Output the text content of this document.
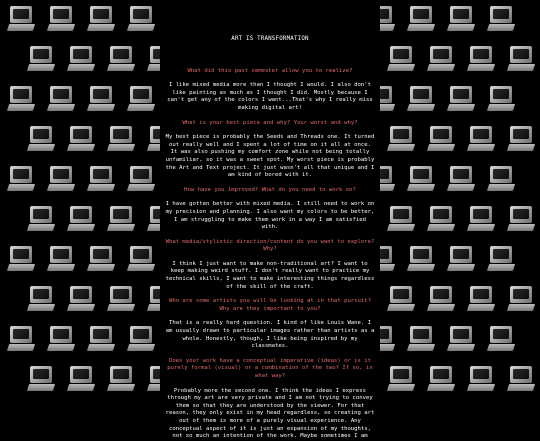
ART IS TRANSFORMATION
What did this past semester allow you to realize?
I like mixed media more than I thought I would. I also don't like painting as much as I thought I did. Mostly because I can't get any of the colors I want...That's why I really miss making digital art!
What is your best piece and why? Your worst and why?
My best piece is probably the Seeds and Threads one. It turned out really well and I spent a lot of time on it all at once. It was also pushing my comfort zone while not being totally unfamiliar, so it was a sweet spot. My worst piece is probably the Art and Text project. It just wasn't all that unique and I am kind of bored with it.
How have you improved? What do you need to work on?
I have gotten better with mixed media. I still need to work on my precision and planning. I also want my colors to be better, I am struggling to make them work in a way I am satisfied with.
What media/stylistic direction/content do you want to explore? Why?
I think I just want to make non-traditional art? I want to keep making weird stuff. I don't really want to practice my technical skills, I want to make interesting things regardless of the skill of the craft.
Who are some artists you will be looking at in that pursuit? Why are they important to you?
That is a really hard question. I kind of like Louis Wane. I am usually drawn to particular images rather than artists as a whole. Honestly, though, I like being inspired by my classmates.
Does your work have a conceptual imperative (ideas) or is it purely formal (visual) or a combination of the two? If so, in what way?
Probably more the second one. I think the ideas I express through my art are very private and I am not trying to convey them so that they are understood by the viewer. For that reason, they only exist in my head regardless, so creating art out of them is more of a purely visual experience. Any conceptual aspect of it is just an expansion of my thoughts, not so much an intention of the work. Maybe sometimes I am
